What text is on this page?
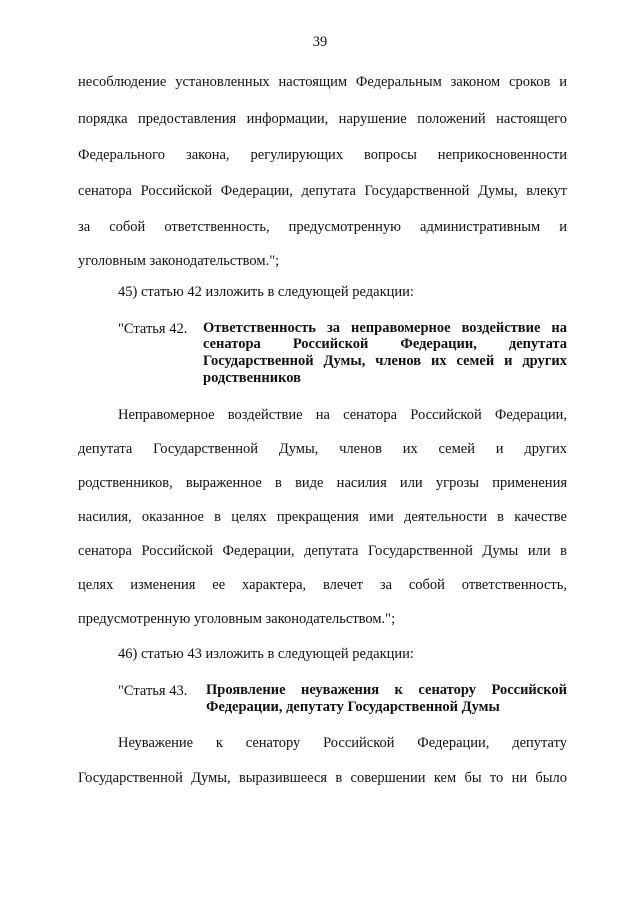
39
несоблюдение установленных настоящим Федеральным законом сроков и
порядка предоставления информации, нарушение положений настоящего
Федерального закона, регулирующих вопросы неприкосновенности
сенатора Российской Федерации, депутата Государственной Думы, влекут
за собой ответственность, предусмотренную административным и
уголовным законодательством.";
45) статью 42 изложить в следующей редакции:
"Статья 42. Ответственность за неправомерное воздействие на
сенатора Российской Федерации, депутата
Государственной Думы, членов их семей и других
родственников
Неправомерное воздействие на сенатора Российской Федерации,
депутата Государственной Думы, членов их семей и других
родственников, выраженное в виде насилия или угрозы применения
насилия, оказанное в целях прекращения ими деятельности в качестве
сенатора Российской Федерации, депутата Государственной Думы или в
целях изменения ее характера, влечет за собой ответственность,
предусмотренную уголовным законодательством.";
46) статью 43 изложить в следующей редакции:
"Статья 43. Проявление неуважения к сенатору Российской
Федерации, депутату Государственной Думы
Неуважение к сенатору Российской Федерации, депутату
Государственной Думы, выразившееся в совершении кем бы то ни было
